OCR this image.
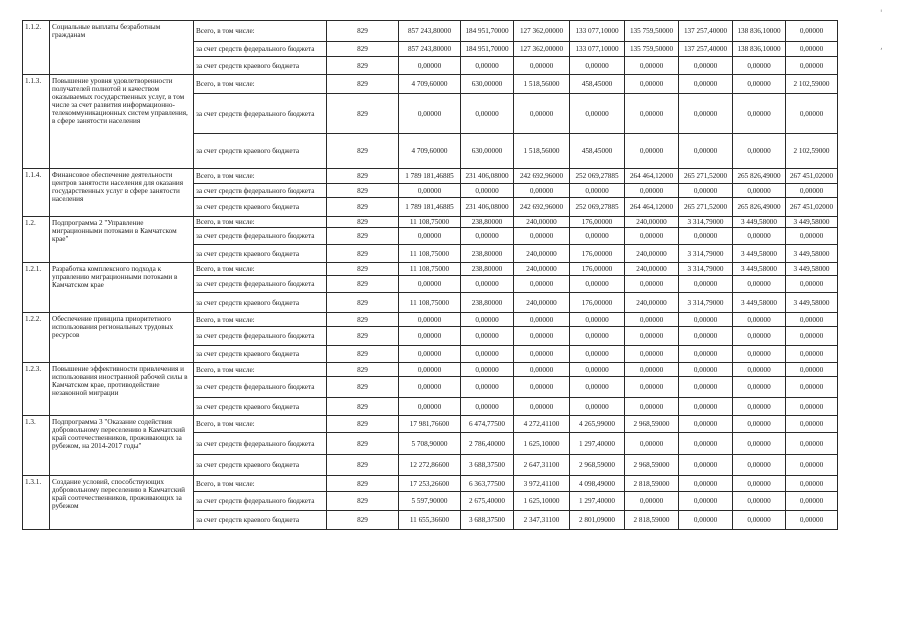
1.1.2.	Социальные выплаты безработным гражданам	Всего, в том числе:	829	857 243,80000	184 951,70000	127 362,00000	133 077,10000	135 759,50000	137 257,40000	138 836,10000	0,00000
		за счет средств федерального бюджета	829	857 243,80000	184 951,70000	127 362,00000	133 077,10000	135 759,50000	137 257,40000	138 836,10000	0,00000
		за счет средств краевого бюджета	829	0,00000	0,00000	0,00000	0,00000	0,00000	0,00000	0,00000	0,00000
1.1.3.	Повышение уровня удовлетворенности получателей полнотой и качеством оказываемых государственных услуг, в том числе за счет развития информационно-телекоммуникационных систем управления, в сфере занятости населения	Всего, в том числе:	829	4 709,60000	630,00000	1 518,56000	458,45000	0,00000	0,00000	0,00000	2 102,59000
		за счет средств федерального бюджета	829	0,00000	0,00000	0,00000	0,00000	0,00000	0,00000	0,00000	0,00000
		за счет средств краевого бюджета	829	4 709,60000	630,00000	1 518,56000	458,45000	0,00000	0,00000	0,00000	2 102,59000
1.1.4.	Финансовое обеспечение деятельности центров занятости населения для оказания государственных услуг в сфере занятости населения	Всего, в том числе:	829	1 789 181,46885	231 406,08000	242 692,96000	252 069,27885	264 464,12000	265 271,52000	265 826,49000	267 451,02000
		за счет средств федерального бюджета	829	0,00000	0,00000	0,00000	0,00000	0,00000	0,00000	0,00000	0,00000
		за счет средств краевого бюджета	829	1 789 181,46885	231 406,08000	242 692,96000	252 069,27885	264 464,12000	265 271,52000	265 826,49000	267 451,02000
1.2.	Подпрограмма 2 "Управление миграционными потоками в Камчатском крае"	Всего, в том числе:	829	11 108,75000	238,80000	240,00000	176,00000	240,00000	3 314,79000	3 449,58000	3 449,58000
		за счет средств федерального бюджета	829	0,00000	0,00000	0,00000	0,00000	0,00000	0,00000	0,00000	0,00000
		за счет средств краевого бюджета	829	11 108,75000	238,80000	240,00000	176,00000	240,00000	3 314,79000	3 449,58000	3 449,58000
1.2.1.	Разработка комплексного подхода к управлению миграционными потоками в Камчатском крае	Всего, в том числе:	829	11 108,75000	238,80000	240,00000	176,00000	240,00000	3 314,79000	3 449,58000	3 449,58000
		за счет средств федерального бюджета	829	0,00000	0,00000	0,00000	0,00000	0,00000	0,00000	0,00000	0,00000
		за счет средств краевого бюджета	829	11 108,75000	238,80000	240,00000	176,00000	240,00000	3 314,79000	3 449,58000	3 449,58000
1.2.2.	Обеспечение принципа приоритетного использования региональных трудовых ресурсов	Всего, в том числе:	829	0,00000	0,00000	0,00000	0,00000	0,00000	0,00000	0,00000	0,00000
		за счет средств федерального бюджета	829	0,00000	0,00000	0,00000	0,00000	0,00000	0,00000	0,00000	0,00000
		за счет средств краевого бюджета	829	0,00000	0,00000	0,00000	0,00000	0,00000	0,00000	0,00000	0,00000
1.2.3.	Повышение эффективности привлечения и использования иностранной рабочей силы в Камчатском крае, противодействие незаконной миграции	Всего, в том числе:	829	0,00000	0,00000	0,00000	0,00000	0,00000	0,00000	0,00000	0,00000
		за счет средств федерального бюджета	829	0,00000	0,00000	0,00000	0,00000	0,00000	0,00000	0,00000	0,00000
		за счет средств краевого бюджета	829	0,00000	0,00000	0,00000	0,00000	0,00000	0,00000	0,00000	0,00000
1.3.	Подпрограмма 3 "Оказание содействия добровольному переселению в Камчатский край соотечественников, проживающих за рубежом, на 2014-2017 годы"	Всего, в том числе:	829	17 981,76600	6 474,77500	4 272,41100	4 265,99000	2 968,59000	0,00000	0,00000	0,00000
		за счет средств федерального бюджета	829	5 708,90000	2 786,40000	1 625,10000	1 297,40000	0,00000	0,00000	0,00000	0,00000
		за счет средств краевого бюджета	829	12 272,86600	3 688,37500	2 647,31100	2 968,59000	2 968,59000	0,00000	0,00000	0,00000
1.3.1.	Создание условий, способствующих добровольному переселению в Камчатский край соотечественников, проживающих за рубежом	Всего, в том числе:	829	17 253,26600	6 363,77500	3 972,41100	4 098,49000	2 818,59000	0,00000	0,00000	0,00000
		за счет средств федерального бюджета	829	5 597,90000	2 675,40000	1 625,10000	1 297,40000	0,00000	0,00000	0,00000	0,00000
		за счет средств краевого бюджета	829	11 655,36600	3 688,37500	2 347,31100	2 801,09000	2 818,59000	0,00000	0,00000	0,00000
'
,
